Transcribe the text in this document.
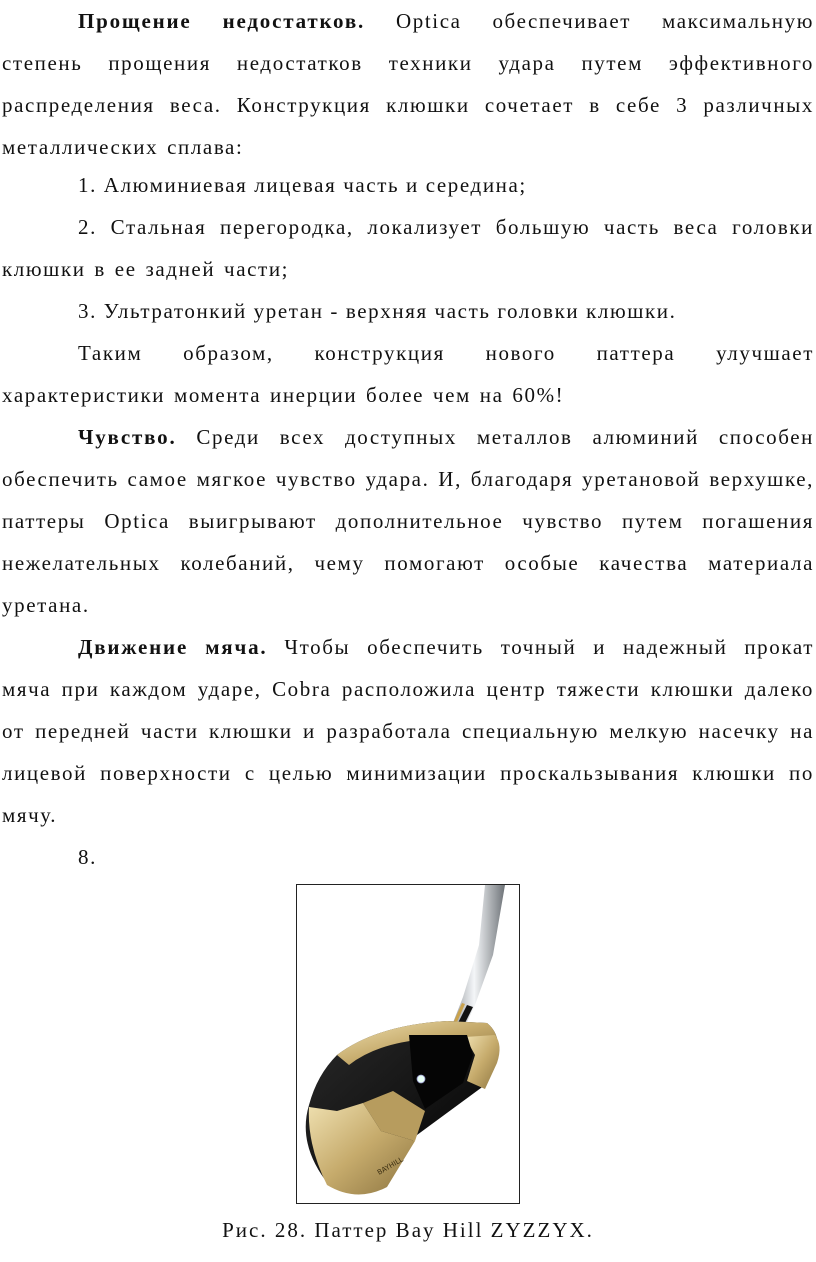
Прощение недостатков. Optica обеспечивает максимальную степень прощения недостатков техники удара путем эффективного распределения веса. Конструкция клюшки сочетает в себе 3 различных металлических сплава:

1. Алюминиевая лицевая часть и середина;

2. Стальная перегородка, локализует большую часть веса головки клюшки в ее задней части;

3. Ультратонкий уретан - верхняя часть головки клюшки.

Таким образом, конструкция нового паттера улучшает характеристики момента инерции более чем на 60%!

Чувство. Среди всех доступных металлов алюминий способен обеспечить самое мягкое чувство удара. И, благодаря уретановой верхушке, паттеры Optica выигрывают дополнительное чувство путем погашения нежелательных колебаний, чему помогают особые качества материала уретана.

Движение мяча. Чтобы обеспечить точный и надежный прокат мяча при каждом ударе, Cobra расположила центр тяжести клюшки далеко от передней части клюшки и разработала специальную мелкую насечку на лицевой поверхности с целью минимизации проскальзывания клюшки по мячу.

8.

BAYHILL
Рис. 28. Паттер Bay Hill ZYZZYX.
